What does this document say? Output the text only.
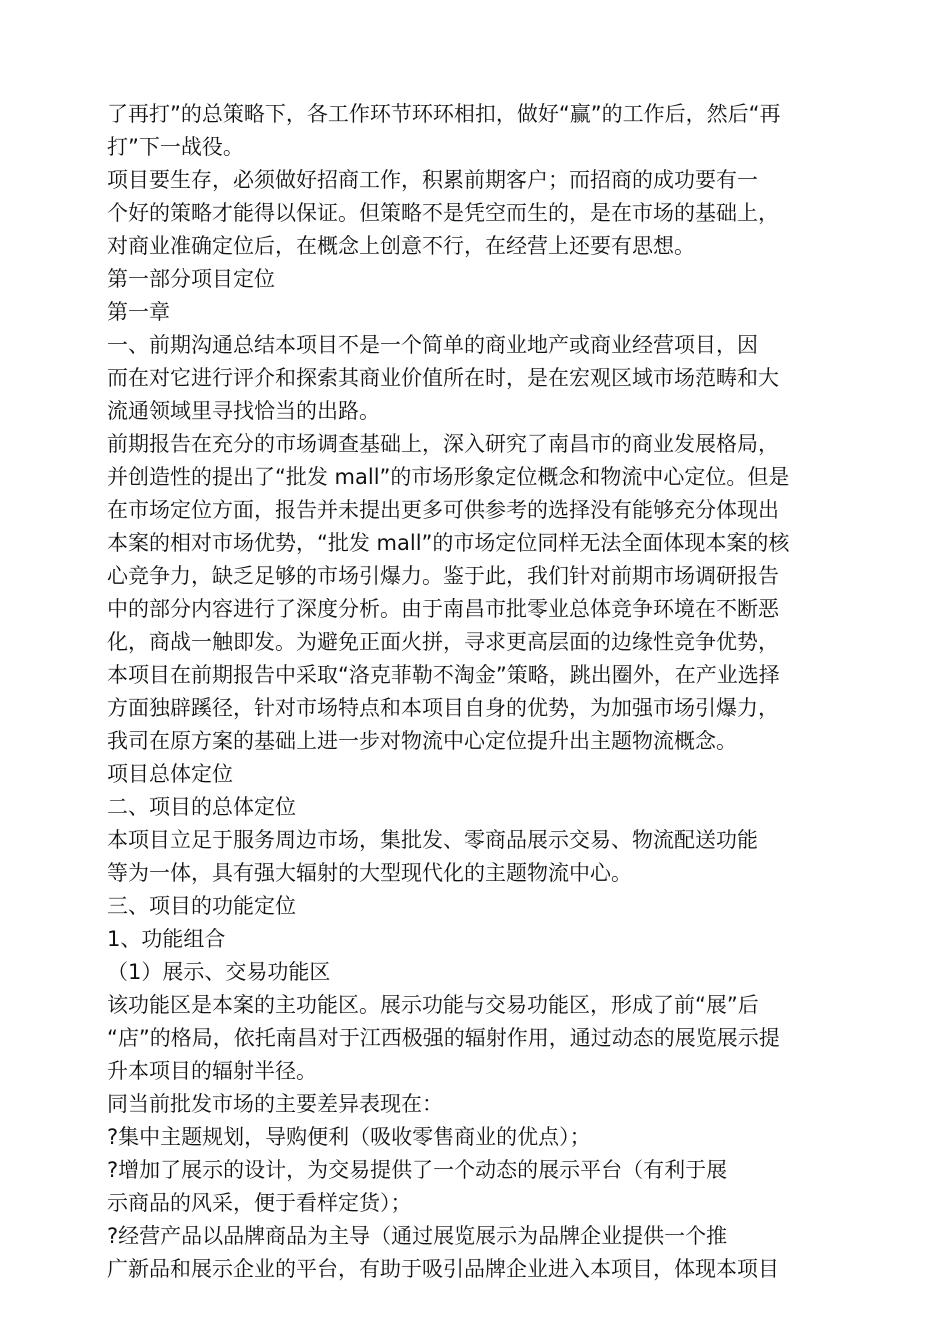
了再打”的总策略下，各工作环节环环相扣，做好“赢”的工作后，然后“再
打”下一战役。
项目要生存，必须做好招商工作，积累前期客户；而招商的成功要有一
个好的策略才能得以保证。但策略不是凭空而生的，是在市场的基础上，
对商业准确定位后，在概念上创意不行，在经营上还要有思想。
第一部分项目定位
第一章
一、前期沟通总结本项目不是一个简单的商业地产或商业经营项目，因
而在对它进行评介和探索其商业价值所在时，是在宏观区域市场范畴和大
流通领域里寻找恰当的出路。
前期报告在充分的市场调查基础上，深入研究了南昌市的商业发展格局，
并创造性的提出了“批发 mall”的市场形象定位概念和物流中心定位。但是
在市场定位方面，报告并未提出更多可供参考的选择没有能够充分体现出
本案的相对市场优势，“批发 mall”的市场定位同样无法全面体现本案的核
心竞争力，缺乏足够的市场引爆力。鉴于此，我们针对前期市场调研报告
中的部分内容进行了深度分析。由于南昌市批零业总体竞争环境在不断恶
化，商战一触即发。为避免正面火拼，寻求更高层面的边缘性竞争优势，
本项目在前期报告中采取“洛克菲勒不淘金”策略，跳出圈外，在产业选择
方面独辟蹊径，针对市场特点和本项目自身的优势，为加强市场引爆力，
我司在原方案的基础上进一步对物流中心定位提升出主题物流概念。
项目总体定位
二、项目的总体定位
本项目立足于服务周边市场，集批发、零商品展示交易、物流配送功能
等为一体，具有强大辐射的大型现代化的主题物流中心。
三、项目的功能定位
1、功能组合
（1）展示、交易功能区
该功能区是本案的主功能区。展示功能与交易功能区，形成了前“展”后
“店”的格局，依托南昌对于江西极强的辐射作用，通过动态的展览展示提
升本项目的辐射半径。
同当前批发市场的主要差异表现在：
?集中主题规划，导购便利（吸收零售商业的优点）；
?增加了展示的设计，为交易提供了一个动态的展示平台（有利于展
示商品的风采，便于看样定货）；
?经营产品以品牌商品为主导（通过展览展示为品牌企业提供一个推
广新品和展示企业的平台，有助于吸引品牌企业进入本项目，体现本项目
